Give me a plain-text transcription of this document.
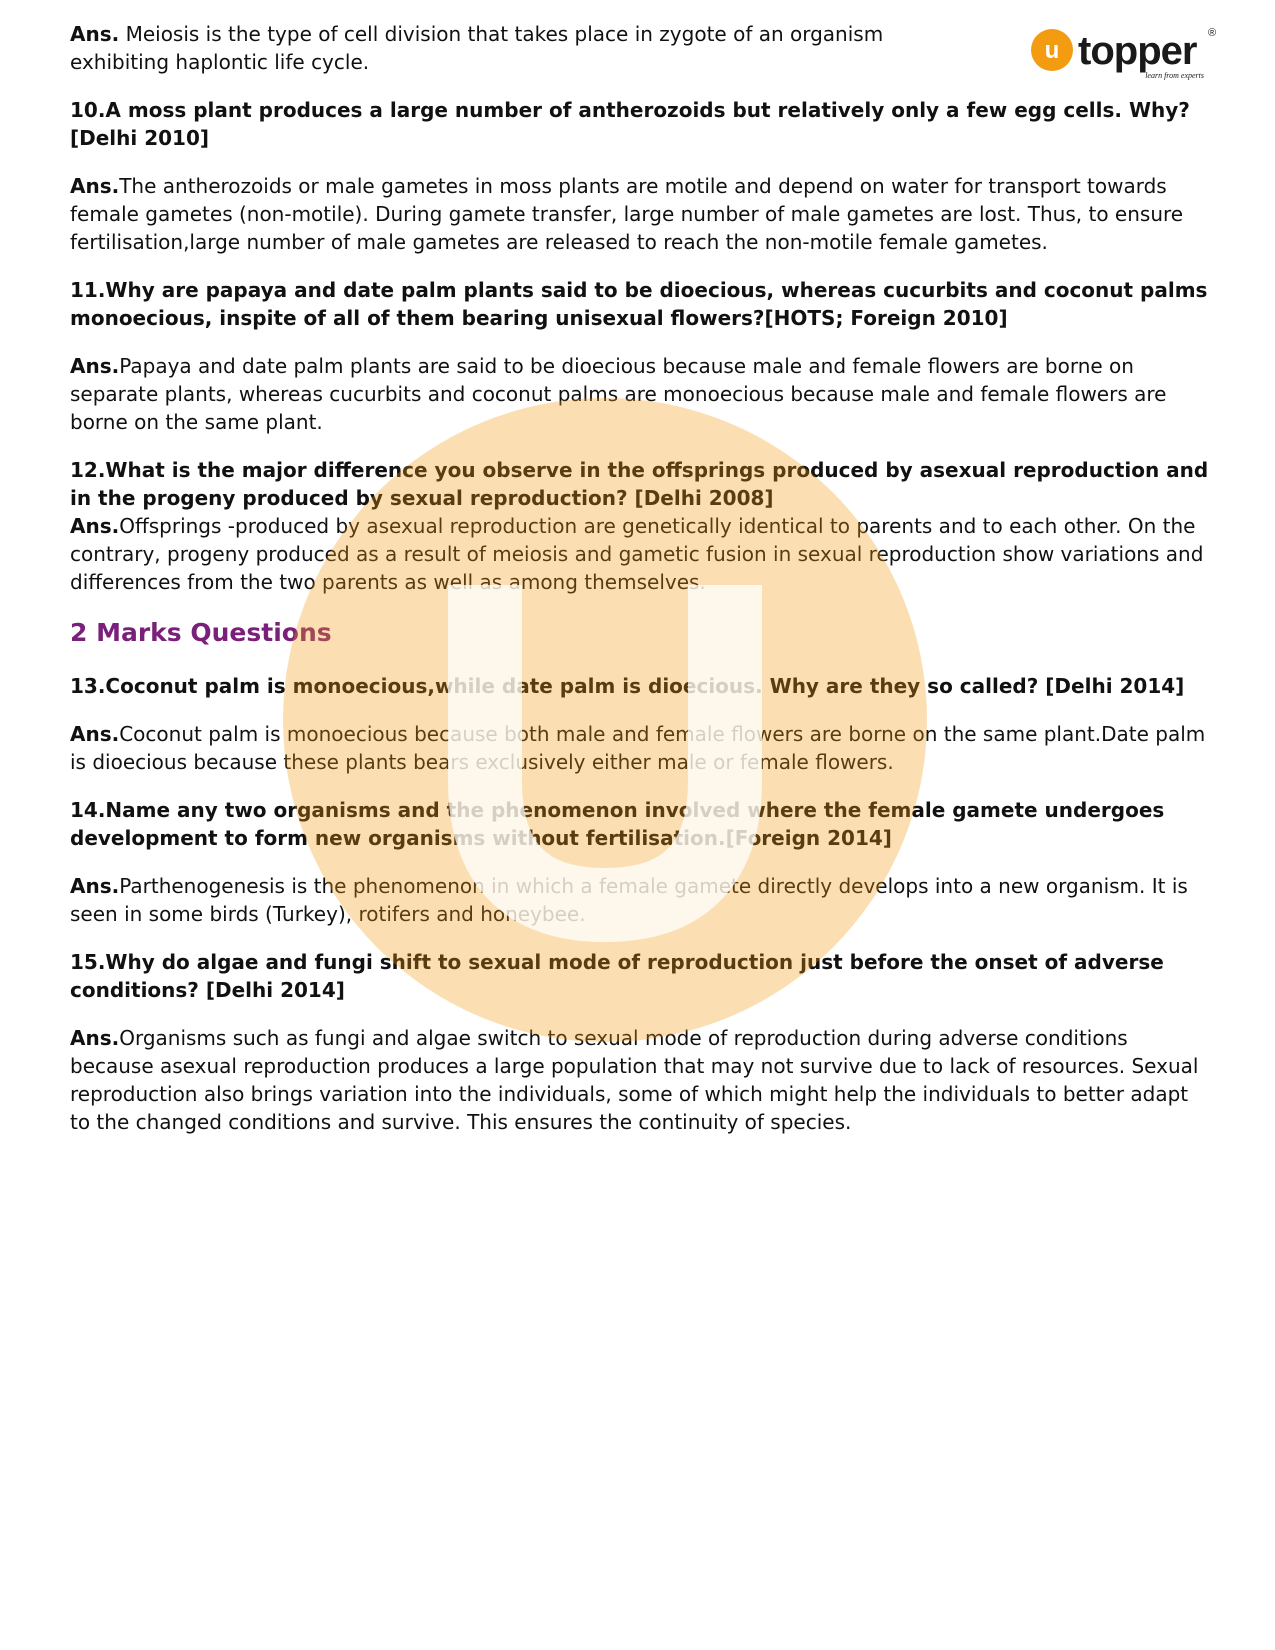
u topper ®
learn from experts

Ans. Meiosis is the type of cell division that takes place in zygote of an organism exhibiting haplontic life cycle.

10.A moss plant produces a large number of antherozoids but relatively only a few egg cells. Why? [Delhi 2010]

Ans.The antherozoids or male gametes in moss plants are motile and depend on water for transport towards female gametes (non-motile). During gamete transfer, large number of male gametes are lost. Thus, to ensure fertilisation,large number of male gametes are released to reach the non-motile female gametes.

11.Why are papaya and date palm plants said to be dioecious, whereas cucurbits and coconut palms monoecious, inspite of all of them bearing unisexual flowers?[HOTS; Foreign 2010]

Ans.Papaya and date palm plants are said to be dioecious because male and female flowers are borne on separate plants, whereas cucurbits and coconut palms are monoecious because male and female flowers are borne on the same plant.

12.What is the major difference you observe in the offsprings produced by asexual reproduction and in the progeny produced by sexual reproduction? [Delhi 2008]

Ans.Offsprings -produced by asexual reproduction are genetically identical to parents and to each other. On the contrary, progeny produced as a result of meiosis and gametic fusion in sexual reproduction show variations and differences from the two parents as well as among themselves.

2 Marks Questions

13.Coconut palm is monoecious,while date palm is dioecious. Why are they so called? [Delhi 2014]

Ans.Coconut palm is monoecious because both male and female flowers are borne on the same plant.Date palm is dioecious because these plants bears exclusively either male or female flowers.

14.Name any two organisms and the phenomenon involved where the female gamete undergoes development to form new organisms without fertilisation.[Foreign 2014]

Ans.Parthenogenesis is the phenomenon in which a female gamete directly develops into a new organism. It is seen in some birds (Turkey), rotifers and honeybee.

15.Why do algae and fungi shift to sexual mode of reproduction just before the onset of adverse conditions? [Delhi 2014]

Ans.Organisms such as fungi and algae switch to sexual mode of reproduction during adverse conditions because asexual reproduction produces a large population that may not survive due to lack of resources. Sexual reproduction also brings variation into the individuals, some of which might help the individuals to better adapt to the changed conditions and survive. This ensures the continuity of species.
